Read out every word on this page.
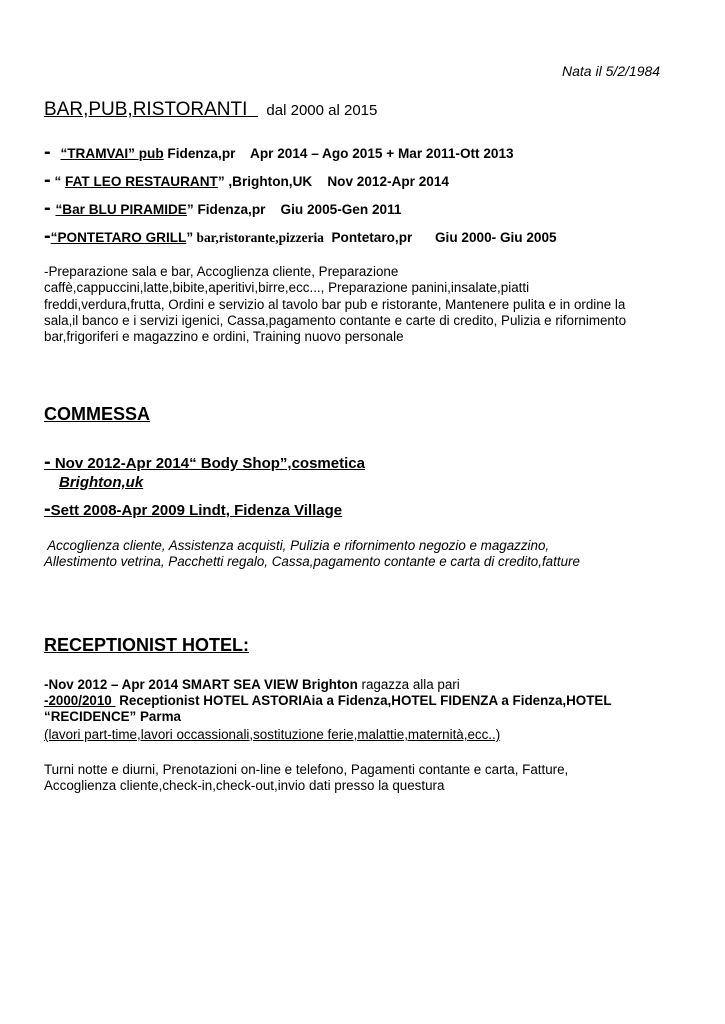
Nata il 5/2/1984
BAR,PUB,RISTORANTI dal 2000 al 2015
- “TRAMVAI” pub Fidenza,pr    Apr 2014 – Ago 2015 + Mar 2011-Ott 2013
- “ FAT LEO RESTAURANT” ,Brighton,UK    Nov 2012-Apr 2014
- “Bar BLU PIRAMIDE” Fidenza,pr    Giu 2005-Gen 2011
-“PONTETARO GRILL” bar,ristorante,pizzeria  Pontetaro,pr      Giu 2000- Giu 2005
-Preparazione sala e bar, Accoglienza cliente, Preparazione
caffè,cappuccini,latte,bibite,aperitivi,birre,ecc..., Preparazione panini,insalate,piatti
freddi,verdura,frutta, Ordini e servizio al tavolo bar pub e ristorante, Mantenere pulita e in ordine la
sala,il banco e i servizi igenici, Cassa,pagamento contante e carte di credito, Pulizia e rifornimento
bar,frigoriferi e magazzino e ordini, Training nuovo personale
COMMESSA
- Nov 2012-Apr 2014“ Body Shop”,cosmetica
Brighton,uk
-Sett 2008-Apr 2009 Lindt, Fidenza Village
Accoglienza cliente, Assistenza acquisti, Pulizia e rifornimento negozio e magazzino,
Allestimento vetrina, Pacchetti regalo, Cassa,pagamento contante e carta di credito,fatture
RECEPTIONIST HOTEL:
-Nov 2012 – Apr 2014 SMART SEA VIEW Brighton ragazza alla pari
-2000/2010  Receptionist HOTEL ASTORIAia a Fidenza,HOTEL FIDENZA a Fidenza,HOTEL
“RECIDENCE” Parma
(lavori part-time,lavori occassionali,sostituzione ferie,malattie,maternità,ecc..)
Turni notte e diurni, Prenotazioni on-line e telefono, Pagamenti contante e carta, Fatture,
Accoglienza cliente,check-in,check-out,invio dati presso la questura
